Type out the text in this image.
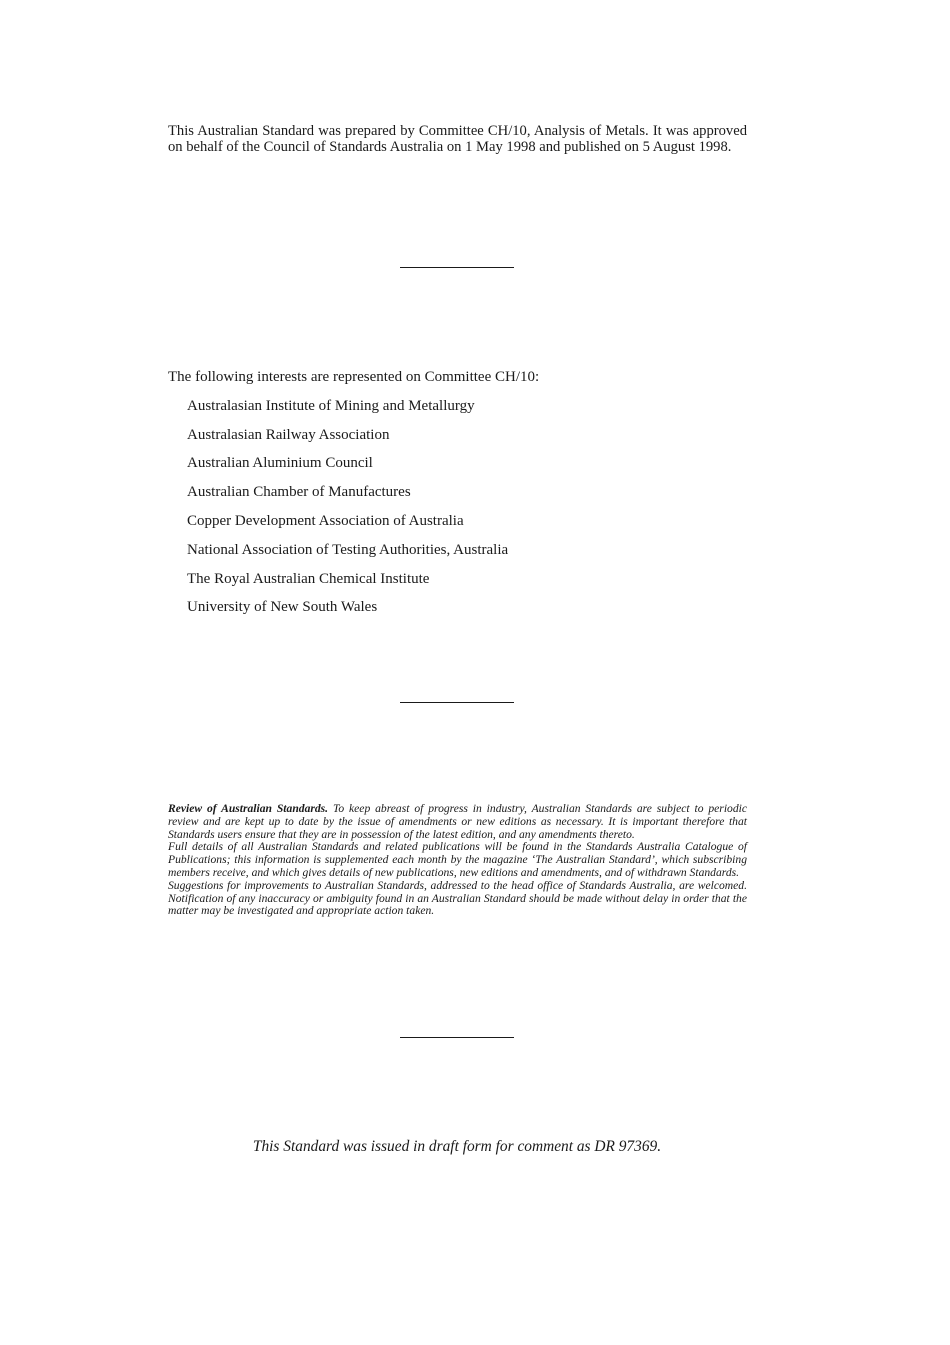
This Australian Standard was prepared by Committee CH/10, Analysis of Metals. It was approved on behalf of the Council of Standards Australia on 1 May 1998 and published on 5 August 1998.

The following interests are represented on Committee CH/10:

Australasian Institute of Mining and Metallurgy
Australasian Railway Association
Australian Aluminium Council
Australian Chamber of Manufactures
Copper Development Association of Australia
National Association of Testing Authorities, Australia
The Royal Australian Chemical Institute
University of New South Wales

Review of Australian Standards. To keep abreast of progress in industry, Australian Standards are subject to periodic review and are kept up to date by the issue of amendments or new editions as necessary. It is important therefore that Standards users ensure that they are in possession of the latest edition, and any amendments thereto.

Full details of all Australian Standards and related publications will be found in the Standards Australia Catalogue of Publications; this information is supplemented each month by the magazine ‘The Australian Standard’, which subscribing members receive, and which gives details of new publications, new editions and amendments, and of withdrawn Standards.

Suggestions for improvements to Australian Standards, addressed to the head office of Standards Australia, are welcomed. Notification of any inaccuracy or ambiguity found in an Australian Standard should be made without delay in order that the matter may be investigated and appropriate action taken.

This Standard was issued in draft form for comment as DR 97369.
